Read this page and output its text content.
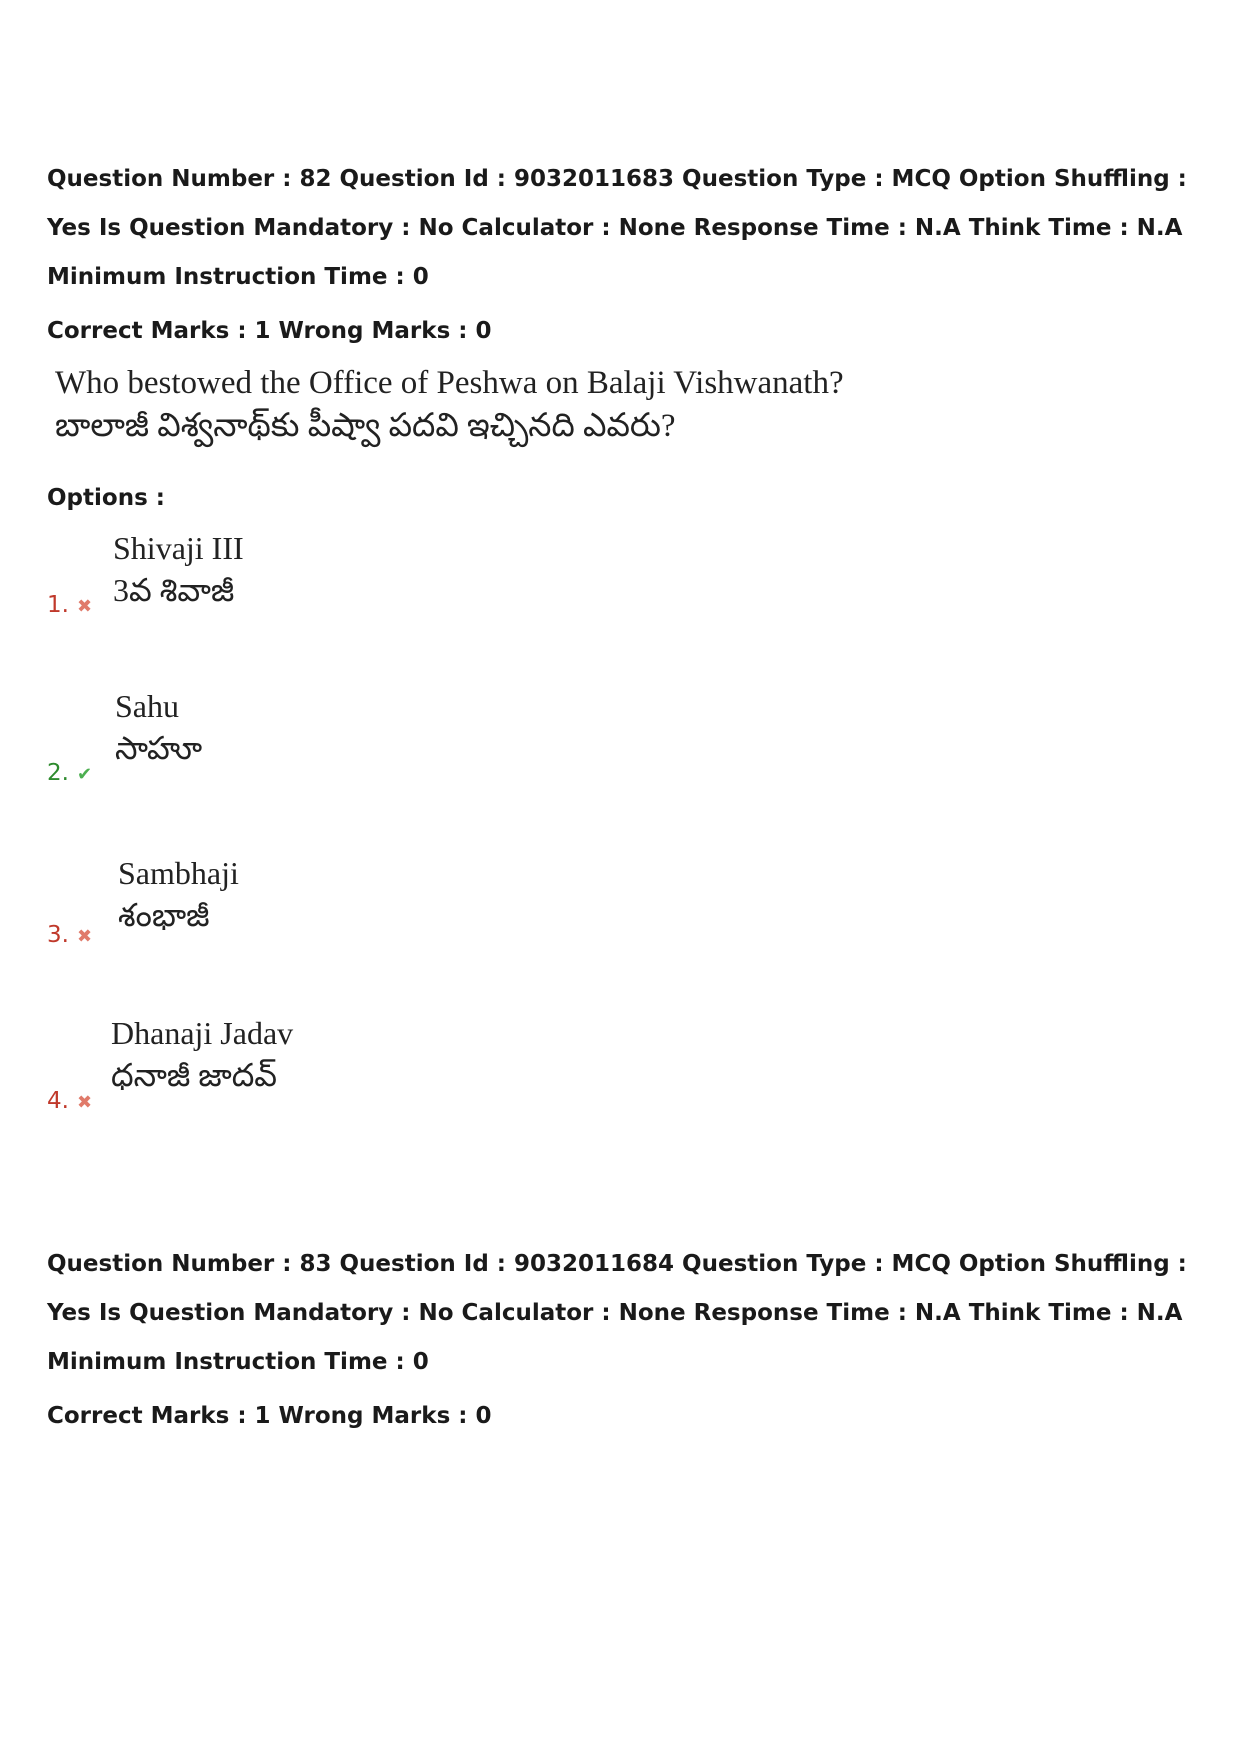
Question Number : 82 Question Id : 9032011683 Question Type : MCQ Option Shuffling : Yes Is Question Mandatory : No Calculator : None Response Time : N.A Think Time : N.A Minimum Instruction Time : 0
Correct Marks : 1 Wrong Marks : 0
Who bestowed the Office of Peshwa on Balaji Vishwanath?
బాలాజీ విశ్వనాథ్‌కు పీష్వా పదవి ఇచ్చినది ఎవరు?
Options :
1. ✖
Shivaji III
3వ శివాజీ
2. ✔
Sahu
సాహూ
3. ✖
Sambhaji
శంభాజీ
4. ✖
Dhanaji Jadav
ధనాజీ జాదవ్
Question Number : 83 Question Id : 9032011684 Question Type : MCQ Option Shuffling : Yes Is Question Mandatory : No Calculator : None Response Time : N.A Think Time : N.A Minimum Instruction Time : 0
Correct Marks : 1 Wrong Marks : 0
